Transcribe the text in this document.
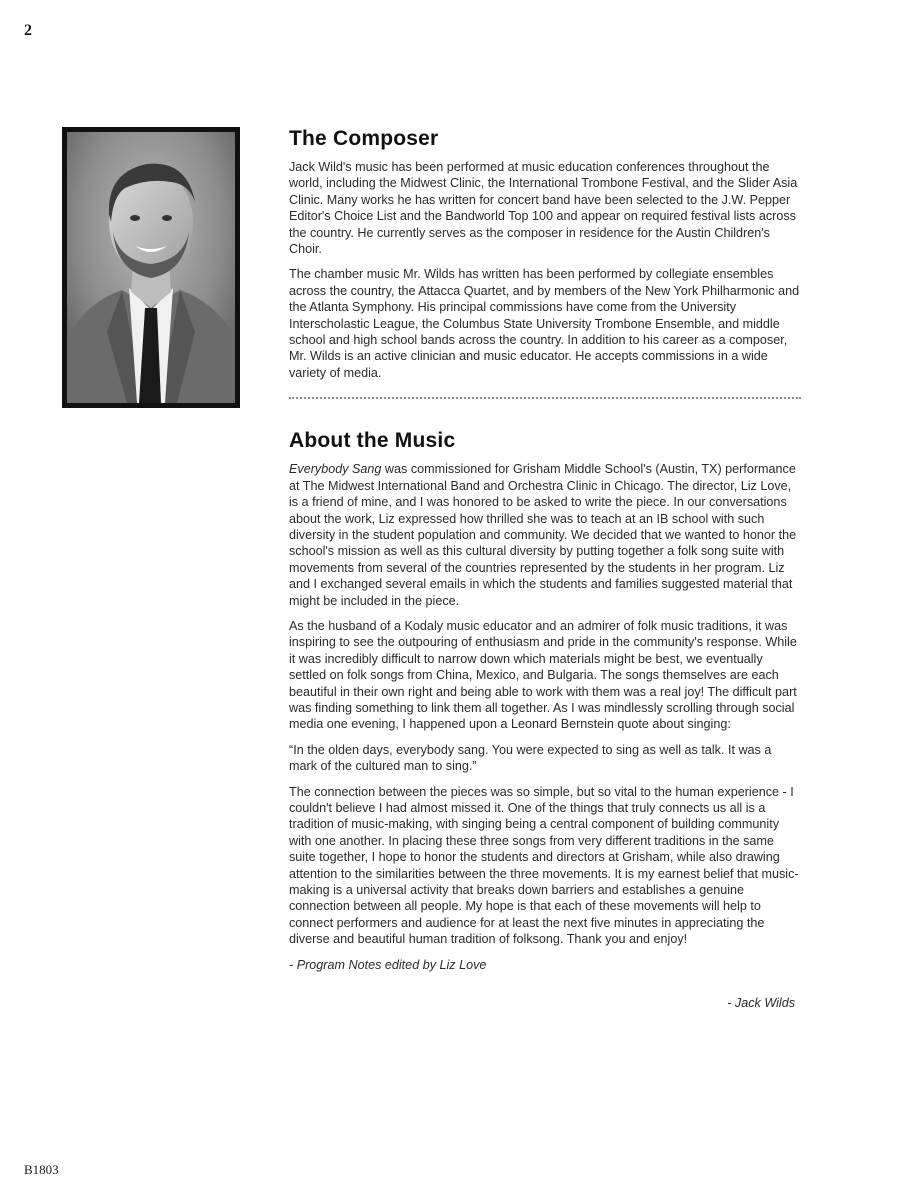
2
The Composer

Jack Wild's music has been performed at music education conferences throughout the world, including the Midwest Clinic, the International Trombone Festival, and the Slider Asia Clinic. Many works he has written for concert band have been selected to the J.W. Pepper Editor's Choice List and the Bandworld Top 100 and appear on required festival lists across the country. He currently serves as the composer in residence for the Austin Children's Choir.

The chamber music Mr. Wilds has written has been performed by collegiate ensembles across the country, the Attacca Quartet, and by members of the New York Philharmonic and the Atlanta Symphony. His principal commissions have come from the University Interscholastic League, the Columbus State University Trombone Ensemble, and middle school and high school bands across the country. In addition to his career as a composer, Mr. Wilds is an active clinician and music educator. He accepts commissions in a wide variety of media.

About the Music

Everybody Sang was commissioned for Grisham Middle School's (Austin, TX) performance at The Midwest International Band and Orchestra Clinic in Chicago. The director, Liz Love, is a friend of mine, and I was honored to be asked to write the piece. In our conversations about the work, Liz expressed how thrilled she was to teach at an IB school with such diversity in the student population and community. We decided that we wanted to honor the school's mission as well as this cultural diversity by putting together a folk song suite with movements from several of the countries represented by the students in her program. Liz and I exchanged several emails in which the students and families suggested material that might be included in the piece.

As the husband of a Kodaly music educator and an admirer of folk music traditions, it was inspiring to see the outpouring of enthusiasm and pride in the community's response. While it was incredibly difficult to narrow down which materials might be best, we eventually settled on folk songs from China, Mexico, and Bulgaria. The songs themselves are each beautiful in their own right and being able to work with them was a real joy! The difficult part was finding something to link them all together. As I was mindlessly scrolling through social media one evening, I happened upon a Leonard Bernstein quote about singing:

“In the olden days, everybody sang. You were expected to sing as well as talk. It was a mark of the cultured man to sing.”

The connection between the pieces was so simple, but so vital to the human experience - I couldn't believe I had almost missed it. One of the things that truly connects us all is a tradition of music-making, with singing being a central component of building community with one another. In placing these three songs from very different traditions in the same suite together, I hope to honor the students and directors at Grisham, while also drawing attention to the similarities between the three movements. It is my earnest belief that music-making is a universal activity that breaks down barriers and establishes a genuine connection between all people. My hope is that each of these movements will help to connect performers and audience for at least the next five minutes in appreciating the diverse and beautiful human tradition of folksong. Thank you and enjoy!

- Program Notes edited by Liz Love

- Jack Wilds

B1803
